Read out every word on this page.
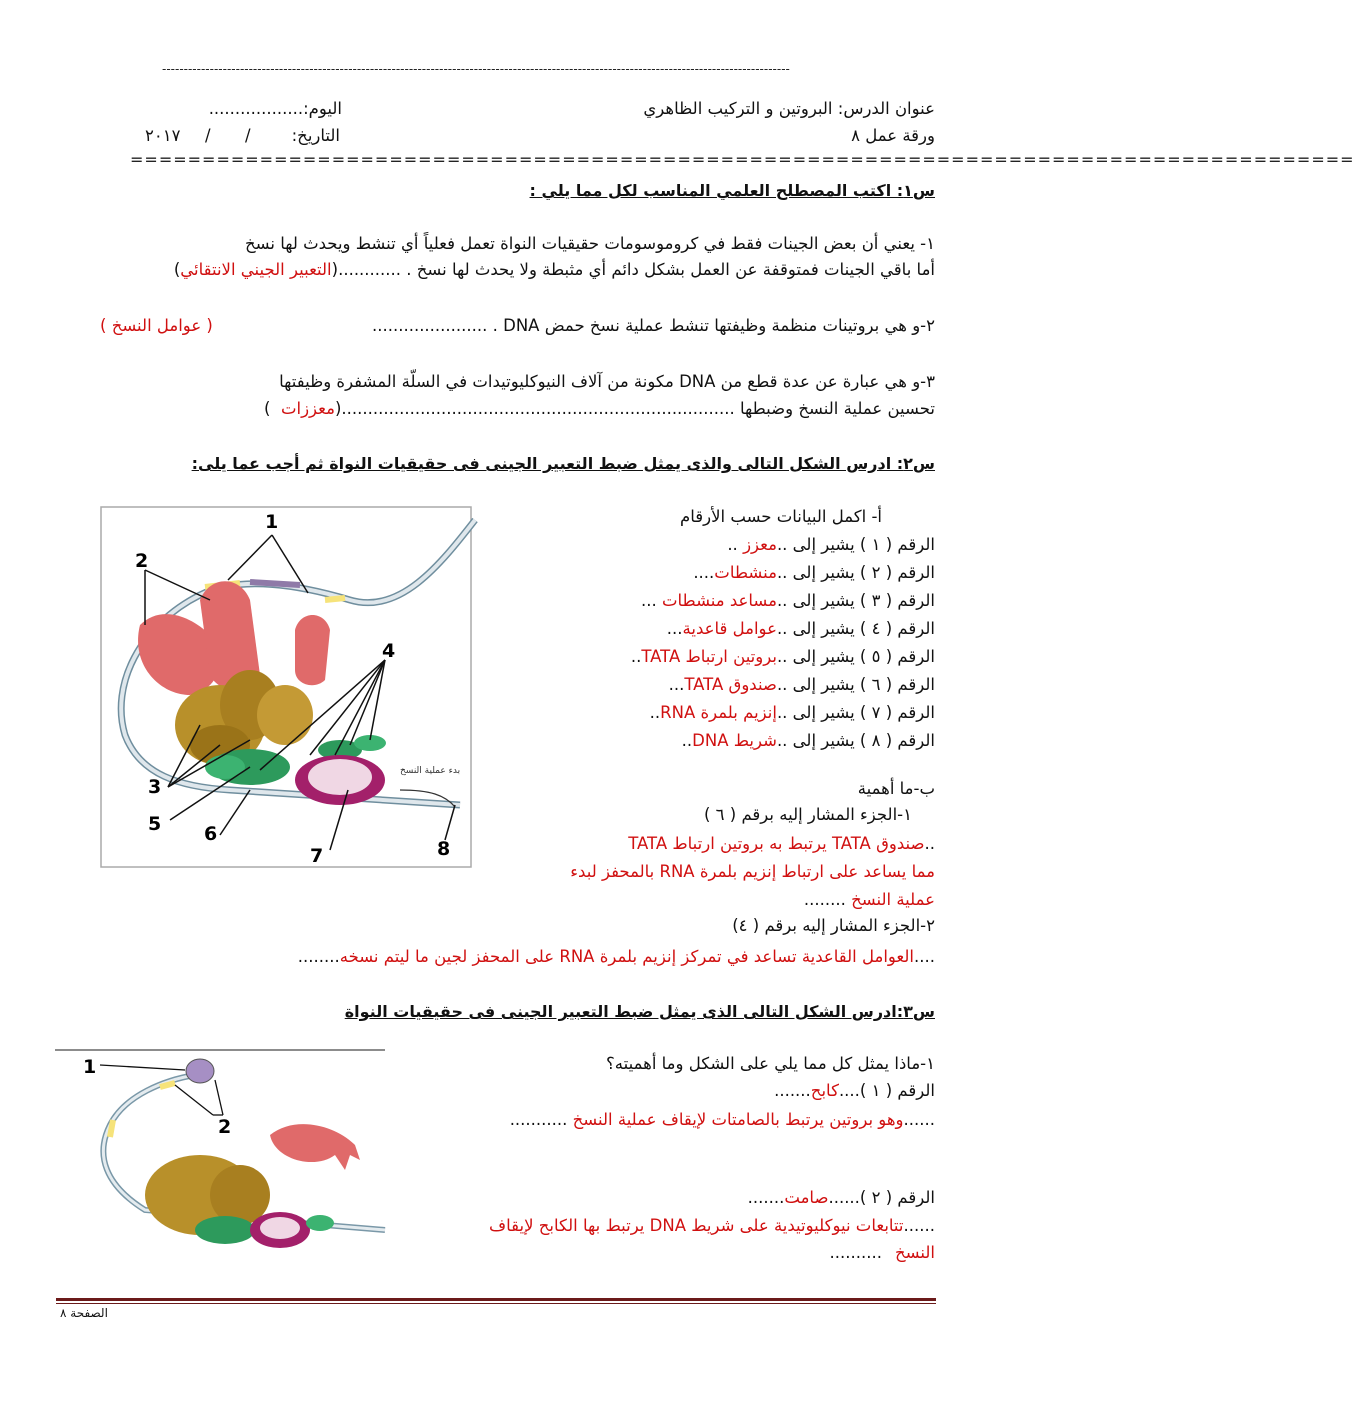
-------------------------------------------------------------------------------------------------------------------------------------------------
عنوان الدرس: البروتين و التركيب الظاهري
اليوم:..................
ورقة عمل ٨
التاريخ:
/
/
٢٠١٧
=====================================================================================
س١: اكتب المصطلح العلمي المناسب لكل مما يلي :
١- يعني أن بعض الجينات فقط في كروموسومات حقيقيات النواة تعمل فعلياً أي تنشط ويحدث لها نسخ
أما باقي الجينات فمتوقفة عن العمل بشكل دائم أي مثبطة ولا يحدث لها نسخ . ............(التعبير الجيني الانتقائي)
٢-و هي بروتينات منظمة وظيفتها تنشط عملية نسخ حمض DNA . ......................
( عوامل النسخ )
٣-و هي عبارة عن عدة قطع من DNA مكونة من آلاف النيوكليوتيدات في السلّة المشفرة وظيفتها
تحسين عملية النسخ وضبطها ...........................................................................(معززات  )
س٢: ادرس الشكل التالى والذى يمثل ضبط التعبير الجينى فى حقيقيات النواة ثم أجب عما يلى:
بدء عملية النسخ
1
2
3
4
5 6
7	8
أ- اكمل البيانات حسب الأرقام
الرقم ( ١ ) يشير إلى ..معزز ..
الرقم ( ٢ ) يشير إلى ..منشطات....
الرقم ( ٣ ) يشير إلى ..مساعد منشطات ...
الرقم ( ٤ ) يشير إلى ..عوامل قاعدية...
الرقم ( ٥ ) يشير إلى ..بروتين ارتباط TATA..
الرقم ( ٦ ) يشير إلى ..صندوق TATA...
الرقم ( ٧ ) يشير إلى ..إنزيم بلمرة RNA..
الرقم ( ٨ ) يشير إلى ..شريط DNA..
ب-ما أهمية
١-الجزء المشار إليه برقم ( ٦ )
..صندوق TATA يرتبط به بروتين ارتباط TATA
مما يساعد على ارتباط إنزيم بلمرة RNA بالمحفز لبدء
عملية النسخ ........
٢-الجزء المشار إليه برقم ( ٤)
....العوامل القاعدية تساعد في تمركز إنزيم بلمرة RNA على المحفز لجين ما ليتم نسخه........
س٣:ادرس الشكل التالى الذى يمثل ضبط التعبير الجينى فى حقيقيات النواة
1
2
١-ماذا يمثل كل مما يلي على الشكل وما أهميته؟
الرقم ( ١ )....كابح.......
......وهو بروتين يرتبط بالصامتات لإيقاف عملية النسخ ...........
الرقم ( ٢ )......صامت.......
......تتابعات نيوكليوتيدية على شريط DNA يرتبط بها الكابح لإيقاف
النسخ
..........
الصفحة ٨
